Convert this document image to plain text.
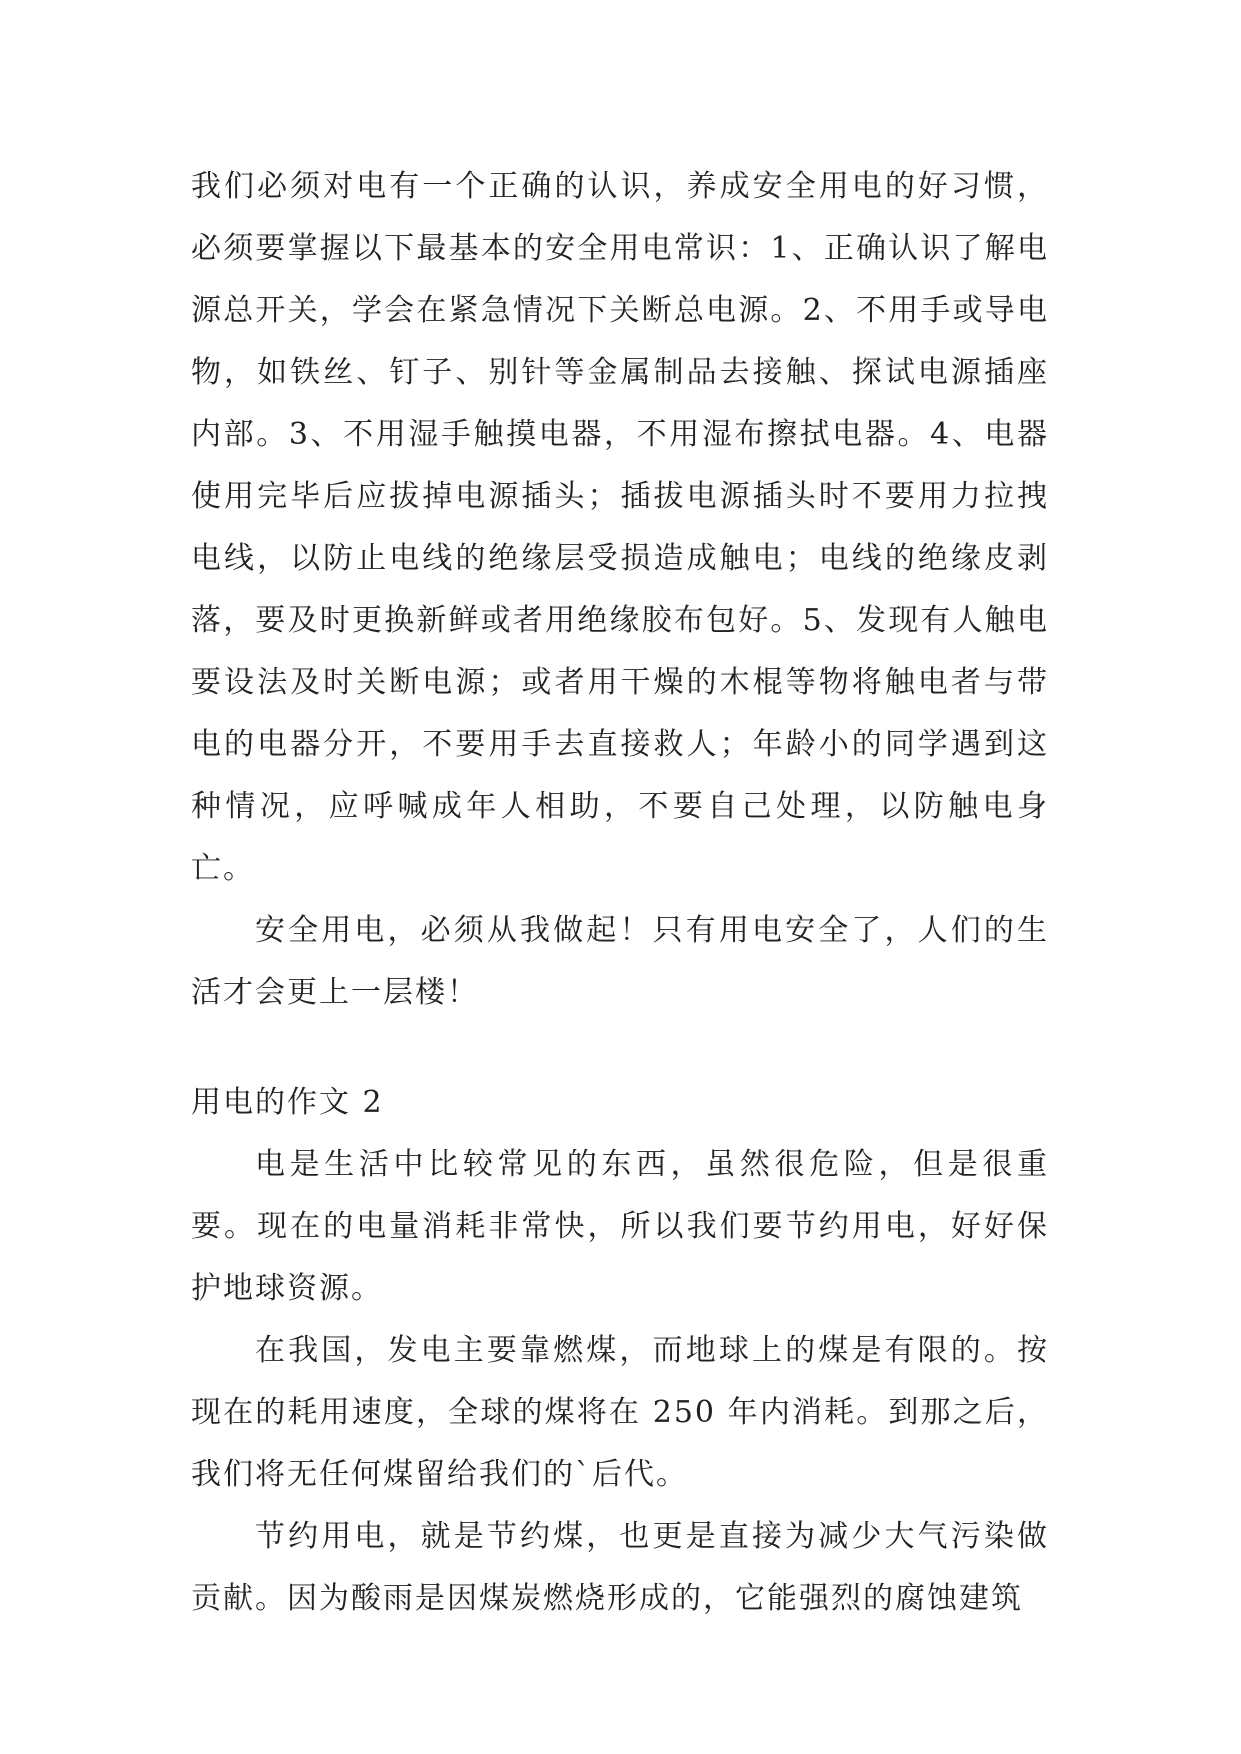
我们必须对电有一个正确的认识，养成安全用电的好习惯，必须要掌握以下最基本的安全用电常识：1、正确认识了解电源总开关，学会在紧急情况下关断总电源。2、不用手或导电物，如铁丝、钉子、别针等金属制品去接触、探试电源插座内部。3、不用湿手触摸电器，不用湿布擦拭电器。4、电器使用完毕后应拔掉电源插头；插拔电源插头时不要用力拉拽电线，以防止电线的绝缘层受损造成触电；电线的绝缘皮剥落，要及时更换新鲜或者用绝缘胶布包好。5、发现有人触电要设法及时关断电源；或者用干燥的木棍等物将触电者与带电的电器分开，不要用手去直接救人；年龄小的同学遇到这种情况，应呼喊成年人相助，不要自己处理，以防触电身亡。

安全用电，必须从我做起！只有用电安全了，人们的生活才会更上一层楼！

用电的作文 2

电是生活中比较常见的东西，虽然很危险，但是很重要。现在的电量消耗非常快，所以我们要节约用电，好好保护地球资源。

在我国，发电主要靠燃煤，而地球上的煤是有限的。按现在的耗用速度，全球的煤将在 250 年内消耗。到那之后，我们将无任何煤留给我们的`后代。

节约用电，就是节约煤，也更是直接为减少大气污染做贡献。因为酸雨是因煤炭燃烧形成的，它能强烈的腐蚀建筑
